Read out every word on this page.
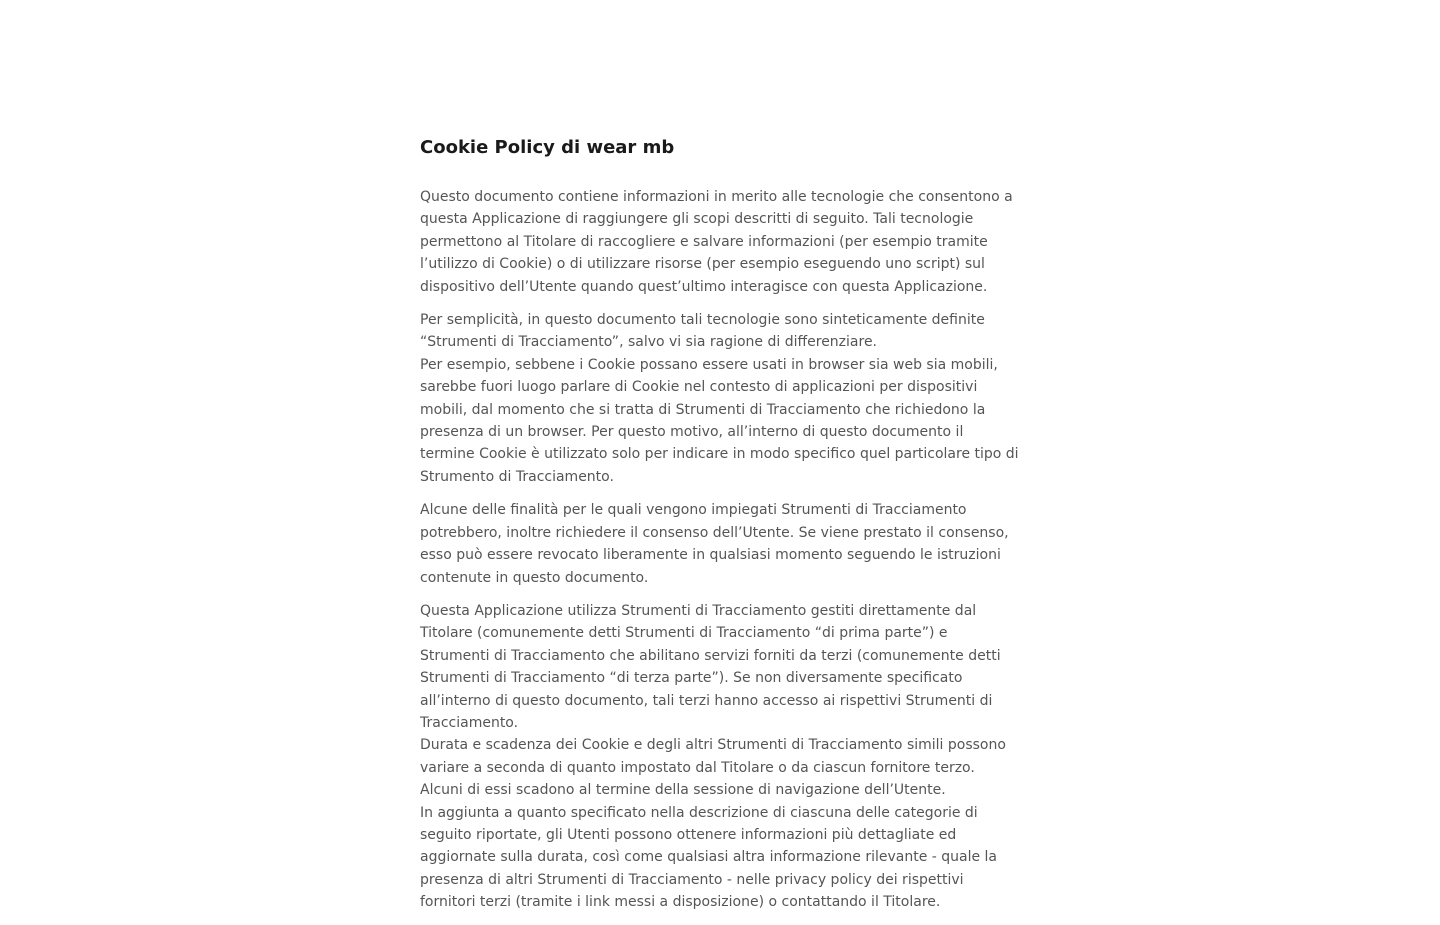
Cookie Policy di wear mb

Questo documento contiene informazioni in merito alle tecnologie che consentono a questa Applicazione di raggiungere gli scopi descritti di seguito. Tali tecnologie permettono al Titolare di raccogliere e salvare informazioni (per esempio tramite l’utilizzo di Cookie) o di utilizzare risorse (per esempio eseguendo uno script) sul dispositivo dell’Utente quando quest’ultimo interagisce con questa Applicazione.

Per semplicità, in questo documento tali tecnologie sono sinteticamente definite “Strumenti di Tracciamento”, salvo vi sia ragione di differenziare.

Per esempio, sebbene i Cookie possano essere usati in browser sia web sia mobili, sarebbe fuori luogo parlare di Cookie nel contesto di applicazioni per dispositivi mobili, dal momento che si tratta di Strumenti di Tracciamento che richiedono la presenza di un browser. Per questo motivo, all’interno di questo documento il termine Cookie è utilizzato solo per indicare in modo specifico quel particolare tipo di Strumento di Tracciamento.

Alcune delle finalità per le quali vengono impiegati Strumenti di Tracciamento potrebbero, inoltre richiedere il consenso dell’Utente. Se viene prestato il consenso, esso può essere revocato liberamente in qualsiasi momento seguendo le istruzioni contenute in questo documento.

Questa Applicazione utilizza Strumenti di Tracciamento gestiti direttamente dal Titolare (comunemente detti Strumenti di Tracciamento “di prima parte”) e Strumenti di Tracciamento che abilitano servizi forniti da terzi (comunemente detti Strumenti di Tracciamento “di terza parte”). Se non diversamente specificato all’interno di questo documento, tali terzi hanno accesso ai rispettivi Strumenti di Tracciamento.

Durata e scadenza dei Cookie e degli altri Strumenti di Tracciamento simili possono variare a seconda di quanto impostato dal Titolare o da ciascun fornitore terzo. Alcuni di essi scadono al termine della sessione di navigazione dell’Utente.

In aggiunta a quanto specificato nella descrizione di ciascuna delle categorie di seguito riportate, gli Utenti possono ottenere informazioni più dettagliate ed aggiornate sulla durata, così come qualsiasi altra informazione rilevante - quale la presenza di altri Strumenti di Tracciamento - nelle privacy policy dei rispettivi fornitori terzi (tramite i link messi a disposizione) o contattando il Titolare.
